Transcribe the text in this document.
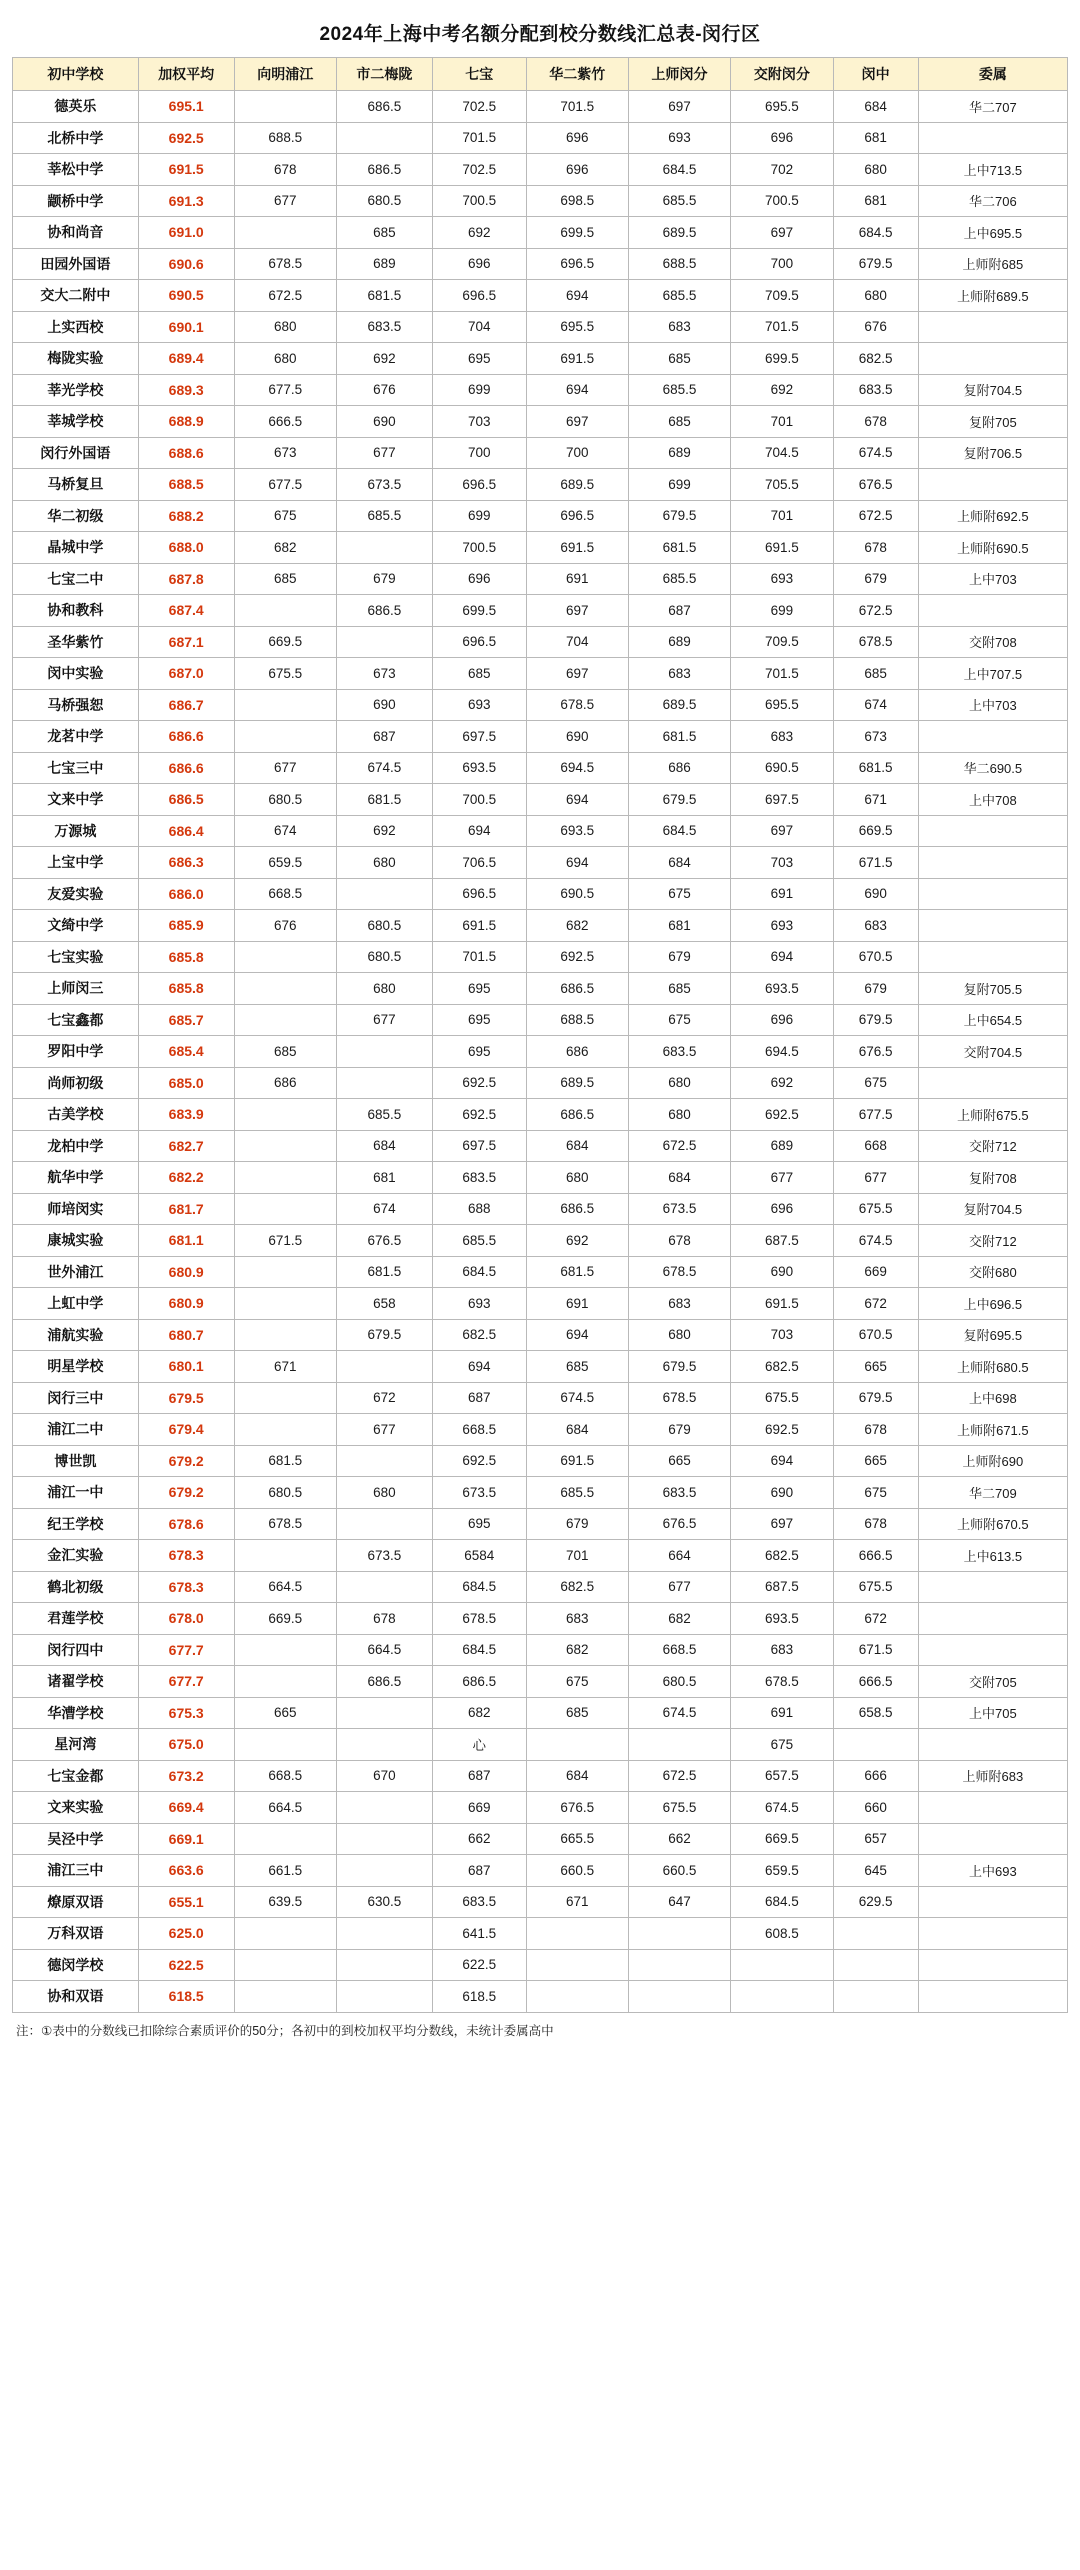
2024年上海中考名额分配到校分数线汇总表-闵行区
初中学校	加权平均	向明浦江	市二梅陇	七宝	华二紫竹	上师闵分	交附闵分	闵中	委属
德英乐	695.1		686.5	702.5	701.5	697	695.5	684	华二707
北桥中学	692.5	688.5		701.5	696	693	696	681	
莘松中学	691.5	678	686.5	702.5	696	684.5	702	680	上中713.5
颛桥中学	691.3	677	680.5	700.5	698.5	685.5	700.5	681	华二706
协和尚音	691.0		685	692	699.5	689.5	697	684.5	上中695.5
田园外国语	690.6	678.5	689	696	696.5	688.5	700	679.5	上师附685
交大二附中	690.5	672.5	681.5	696.5	694	685.5	709.5	680	上师附689.5
上实西校	690.1	680	683.5	704	695.5	683	701.5	676	
梅陇实验	689.4	680	692	695	691.5	685	699.5	682.5	
莘光学校	689.3	677.5	676	699	694	685.5	692	683.5	复附704.5
莘城学校	688.9	666.5	690	703	697	685	701	678	复附705
闵行外国语	688.6	673	677	700	700	689	704.5	674.5	复附706.5
马桥复旦	688.5	677.5	673.5	696.5	689.5	699	705.5	676.5	
华二初级	688.2	675	685.5	699	696.5	679.5	701	672.5	上师附692.5
晶城中学	688.0	682		700.5	691.5	681.5	691.5	678	上师附690.5
七宝二中	687.8	685	679	696	691	685.5	693	679	上中703
协和教科	687.4		686.5	699.5	697	687	699	672.5	
圣华紫竹	687.1	669.5		696.5	704	689	709.5	678.5	交附708
闵中实验	687.0	675.5	673	685	697	683	701.5	685	上中707.5
马桥强恕	686.7		690	693	678.5	689.5	695.5	674	上中703
龙茗中学	686.6		687	697.5	690	681.5	683	673	
七宝三中	686.6	677	674.5	693.5	694.5	686	690.5	681.5	华二690.5
文来中学	686.5	680.5	681.5	700.5	694	679.5	697.5	671	上中708
万源城	686.4	674	692	694	693.5	684.5	697	669.5	
上宝中学	686.3	659.5	680	706.5	694	684	703	671.5	
友爱实验	686.0	668.5		696.5	690.5	675	691	690	
文绮中学	685.9	676	680.5	691.5	682	681	693	683	
七宝实验	685.8		680.5	701.5	692.5	679	694	670.5	
上师闵三	685.8		680	695	686.5	685	693.5	679	复附705.5
七宝鑫都	685.7		677	695	688.5	675	696	679.5	上中654.5
罗阳中学	685.4	685		695	686	683.5	694.5	676.5	交附704.5
尚师初级	685.0	686		692.5	689.5	680	692	675	
古美学校	683.9		685.5	692.5	686.5	680	692.5	677.5	上师附675.5
龙柏中学	682.7		684	697.5	684	672.5	689	668	交附712
航华中学	682.2		681	683.5	680	684	677	677	复附708
师培闵实	681.7		674	688	686.5	673.5	696	675.5	复附704.5
康城实验	681.1	671.5	676.5	685.5	692	678	687.5	674.5	交附712
世外浦江	680.9		681.5	684.5	681.5	678.5	690	669	交附680
上虹中学	680.9		658	693	691	683	691.5	672	上中696.5
浦航实验	680.7		679.5	682.5	694	680	703	670.5	复附695.5
明星学校	680.1	671		694	685	679.5	682.5	665	上师附680.5
闵行三中	679.5		672	687	674.5	678.5	675.5	679.5	上中698
浦江二中	679.4		677	668.5	684	679	692.5	678	上师附671.5
博世凯	679.2	681.5		692.5	691.5	665	694	665	上师附690
浦江一中	679.2	680.5	680	673.5	685.5	683.5	690	675	华二709
纪王学校	678.6	678.5		695	679	676.5	697	678	上师附670.5
金汇实验	678.3		673.5	6584	701	664	682.5	666.5	上中613.5
鹤北初级	678.3	664.5		684.5	682.5	677	687.5	675.5	
君莲学校	678.0	669.5	678	678.5	683	682	693.5	672	
闵行四中	677.7		664.5	684.5	682	668.5	683	671.5	
诸翟学校	677.7		686.5	686.5	675	680.5	678.5	666.5	交附705
华漕学校	675.3	665		682	685	674.5	691	658.5	上中705
星河湾	675.0			心			675		
七宝金都	673.2	668.5	670	687	684	672.5	657.5	666	上师附683
文来实验	669.4	664.5		669	676.5	675.5	674.5	660	
吴泾中学	669.1			662	665.5	662	669.5	657	
浦江三中	663.6	661.5		687	660.5	660.5	659.5	645	上中693
燎原双语	655.1	639.5	630.5	683.5	671	647	684.5	629.5	
万科双语	625.0			641.5			608.5		
德闵学校	622.5			622.5					
协和双语	618.5			618.5					
注：①表中的分数线已扣除综合素质评价的50分；各初中的到校加权平均分数线，未统计委属高中
